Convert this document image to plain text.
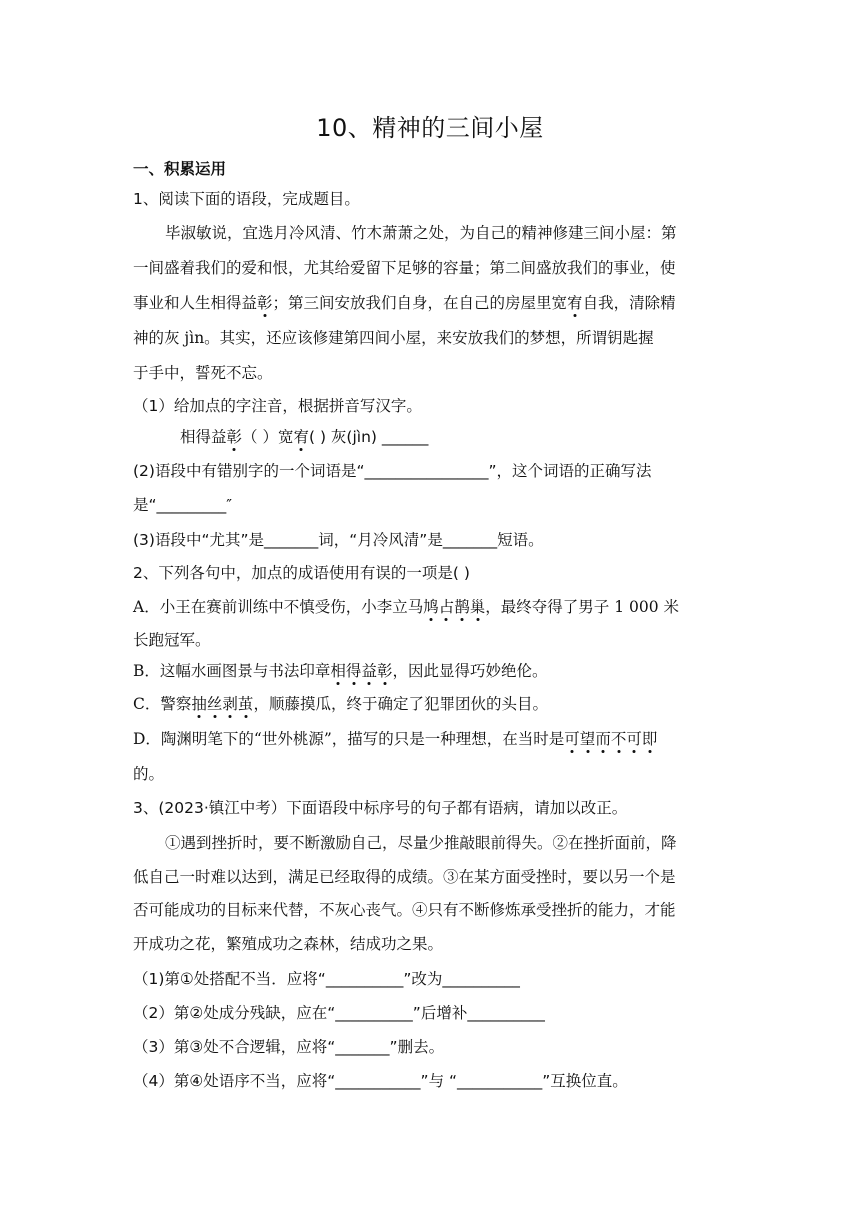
10、精神的三间小屋
一、积累运用
1、阅读下面的语段，完成题目。
毕淑敏说，宜选月冷风清、竹木萧萧之处，为自己的精神修建三间小屋：第
一间盛着我们的爱和恨，尤其给爱留下足够的容量；第二间盛放我们的事业，使
事业和人生相得益彰；第三间安放我们自身，在自己的房屋里宽宥自我，清除精
神的灰 jìn。其实，还应该修建第四间小屋，来安放我们的梦想，所谓钥匙握
于手中，誓死不忘。
（1）给加点的字注音，根据拼音写汉字。
相得益彰（ ）宽宥( ) 灰(jìn) ______
(2)语段中有错别字的一个词语是“________________”，这个词语的正确写法
是“_________″
(3)语段中“尤其”是_______词，“月冷风清”是_______短语。
2、下列各句中，加点的成语使用有误的一项是( )
A．小王在赛前训练中不慎受伤，小李立马鸠占鹊巢，最终夺得了男子 1 000 米
长跑冠军。
B．这幅水画图景与书法印章相得益彰，因此显得巧妙绝伦。
C．警察抽丝剥茧，顺藤摸瓜，终于确定了犯罪团伙的头目。
D．陶渊明笔下的“世外桃源”，描写的只是一种理想，在当时是可望而不可即
的。
3、(2023·镇江中考）下面语段中标序号的句子都有语病，请加以改正。
①遇到挫折时，要不断激励自己，尽量少推敲眼前得失。②在挫折面前，降
低自己一时难以达到，满足已经取得的成绩。③在某方面受挫时，要以另一个是
否可能成功的目标来代替，不灰心丧气。④只有不断修炼承受挫折的能力，才能
开成功之花，繁殖成功之森林，结成功之果。
（1)第①处搭配不当．应将“__________”改为__________
（2）第②处成分残缺，应在“__________”后增补__________
（3）第③处不合逻辑，应将“_______”删去。
（4）第④处语序不当，应将“___________”与 “___________”互换位直。
